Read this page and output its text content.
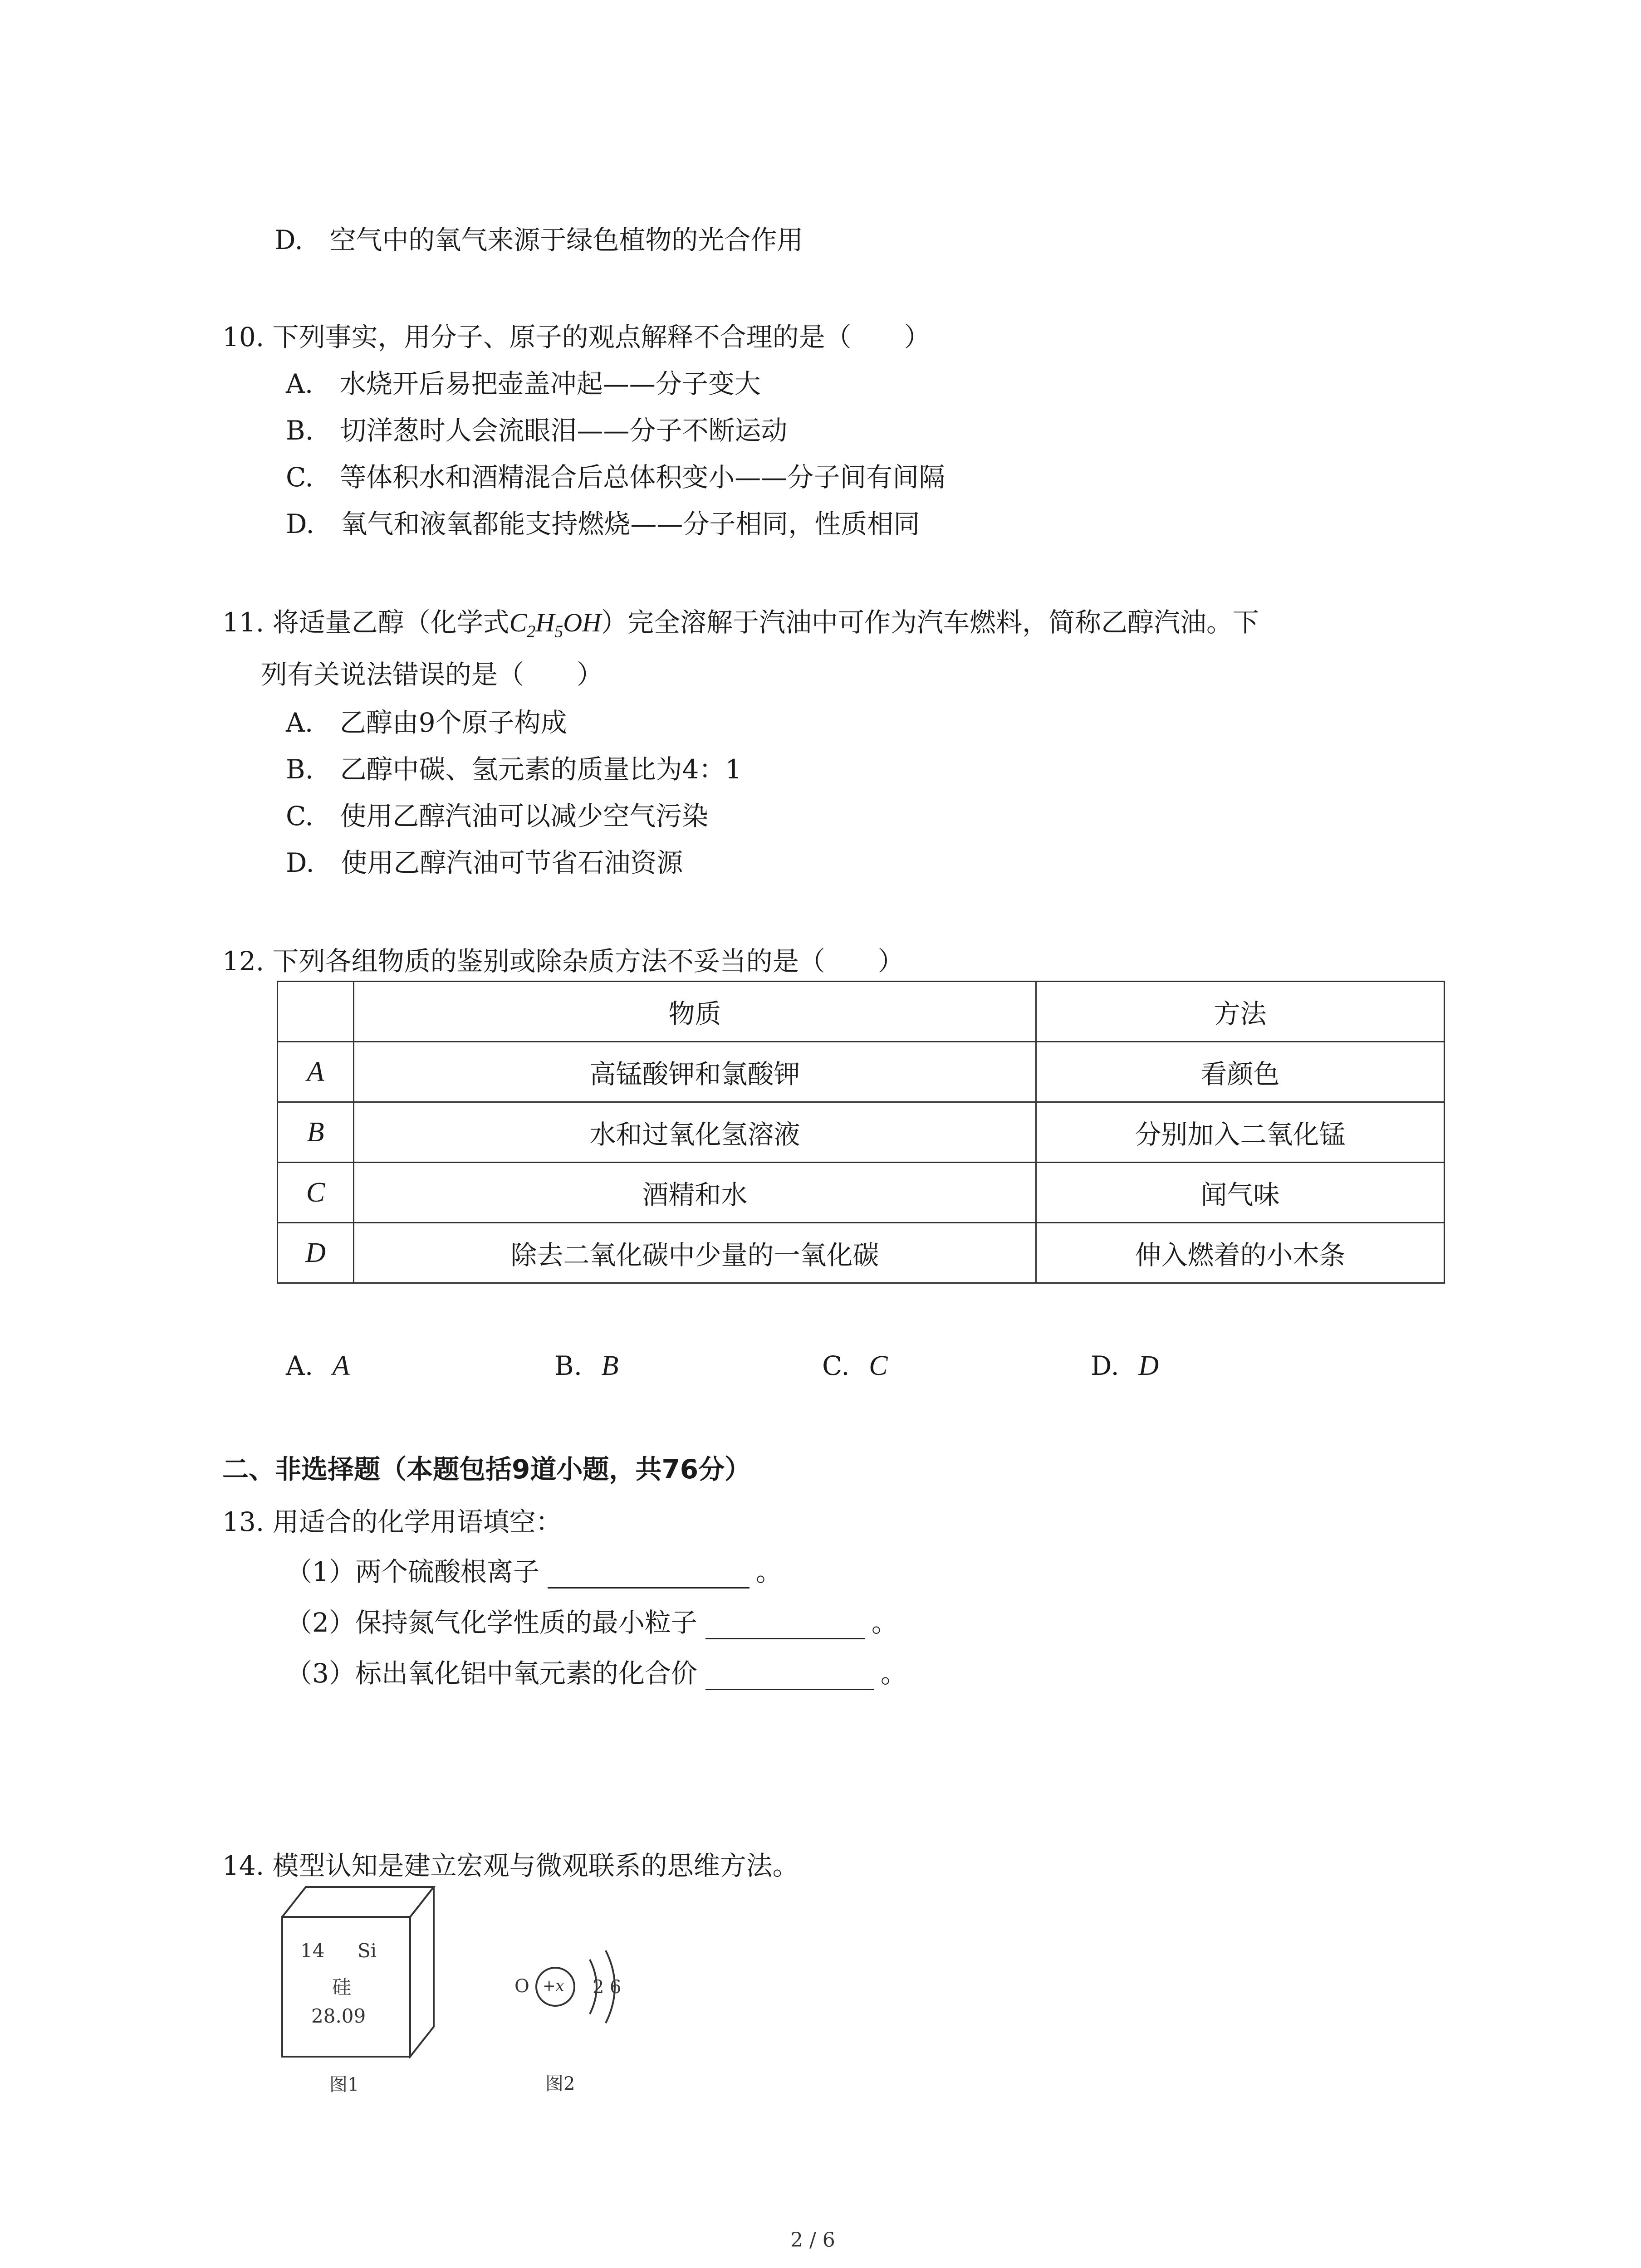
D. 空气中的氧气来源于绿色植物的光合作用
10. 下列事实，用分子、原子的观点解释不合理的是（　　）
A. 水烧开后易把壶盖冲起——分子变大
B. 切洋葱时人会流眼泪——分子不断运动
C. 等体积水和酒精混合后总体积变小——分子间有间隔
D. 氧气和液氧都能支持燃烧——分子相同，性质相同
11. 将适量乙醇（化学式$C_2H_5OH$）完全溶解于汽油中可作为汽车燃料，简称乙醇汽油。下
列有关说法错误的是（　　）
A. 乙醇由9个原子构成
B. 乙醇中碳、氢元素的质量比为4：1
C. 使用乙醇汽油可以减少空气污染
D. 使用乙醇汽油可节省石油资源
12. 下列各组物质的鉴别或除杂质方法不妥当的是（　　）
	物质	方法
A	高锰酸钾和氯酸钾	看颜色
B	水和过氧化氢溶液	分别加入二氧化锰
C	酒精和水	闻气味
D	除去二氧化碳中少量的一氧化碳	伸入燃着的小木条
A. A	B. B	C. C	D. D
二、非选择题（本题包括9道小题，共76分）
13. 用适合的化学用语填空：
（1）两个硫酸根离子	。
（2）保持氮气化学性质的最小粒子	。
（3）标出氧化铝中氧元素的化合价	。
14. 模型认知是建立宏观与微观联系的思维方法。
14 Si
硅
28.09
图1
O +x 2 6
图2
2 / 6
